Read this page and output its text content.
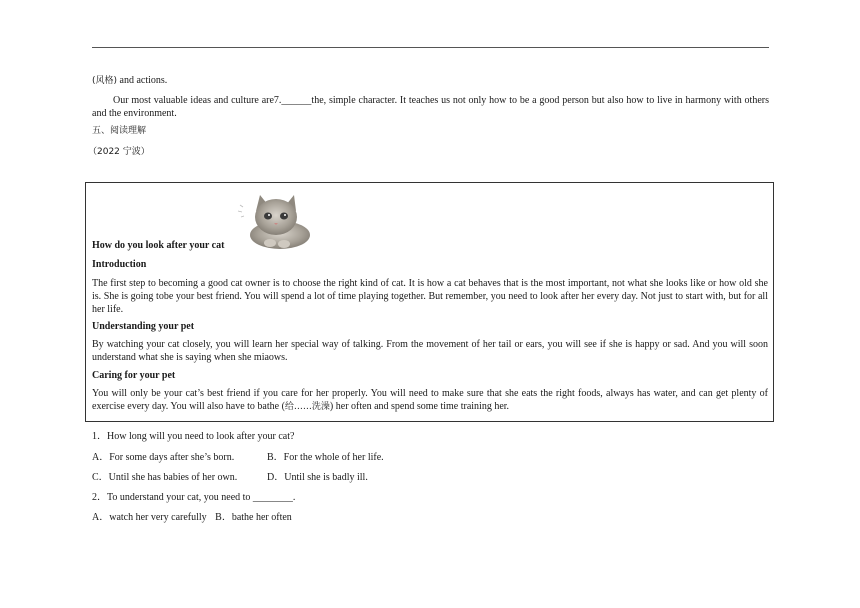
(风格) and actions.
Our most valuable ideas and culture are7.______the, simple character. It teaches us not only how to be a good person but also how to live in harmony with others and the environment.
五、阅读理解
（2022 宁波）
How do you look after your cat
Introduction
The first step to becoming a good cat owner is to choose the right kind of cat. It is how a cat behaves that is the most important, not what she looks like or how old she is. She is going tobe your best friend. You will spend a lot of time playing together. But remember, you need to look after her every day. Not just to start with, but for all her life.
Understanding your pet
By watching your cat closely, you will learn her special way of talking. From the movement of her tail or ears, you will see if she is happy or sad. And you will soon understand what she is saying when she miaows.
Caring for your pet
You will only be your cat’s best friend if you care for her properly. You will need to make sure that she eats the right foods, always has water, and can get plenty of exercise every day. You will also have to bathe (给……洗澡) her often and spend some time training her.
1．How long will you need to look after your cat?
A．For some days after she’s born.	B．For the whole of her life.
C．Until she has babies of her own.	D．Until she is badly ill.
2．To understand your cat, you need to ________.
A．watch her very carefully B．bathe her often
